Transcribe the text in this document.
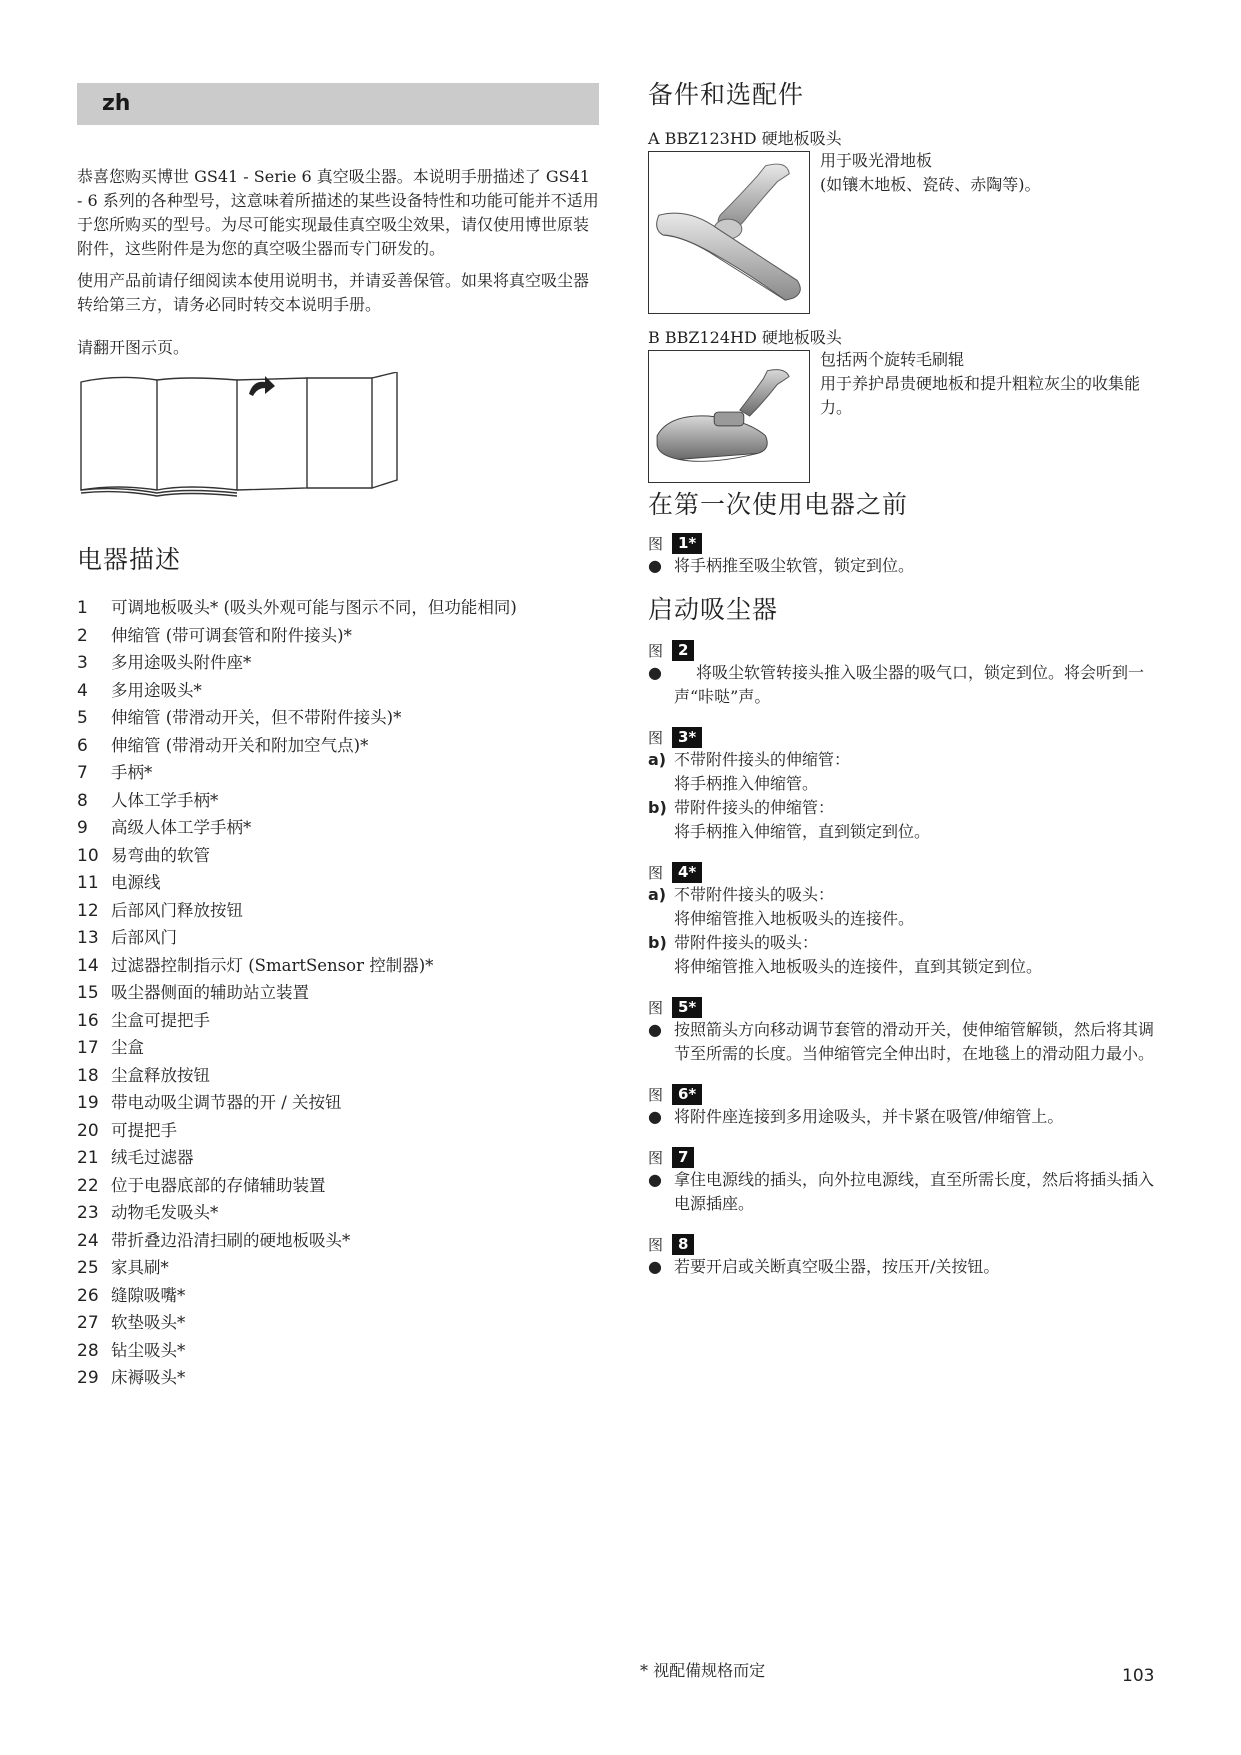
zh

恭喜您购买博世 GS41 - Serie 6 真空吸尘器。本说明手册描述了 GS41 - 6 系列的各种型号，这意味着所描述的某些设备特性和功能可能并不适用于您所购买的型号。为尽可能实现最佳真空吸尘效果，请仅使用博世原装附件，这些附件是为您的真空吸尘器而专门研发的。

使用产品前请仔细阅读本使用说明书，并请妥善保管。如果将真空吸尘器转给第三方，请务必同时转交本说明手册。

请翻开图示页。
电器描述
1 可调地板吸头* (吸头外观可能与图示不同，但功能相同)
2 伸缩管 (带可调套管和附件接头)*
3 多用途吸头附件座*
4 多用途吸头*
5 伸缩管 (带滑动开关，但不带附件接头)*
6 伸缩管 (带滑动开关和附加空气点)*
7 手柄*
8 人体工学手柄*
9 高级人体工学手柄*
10 易弯曲的软管
11 电源线
12 后部风门释放按钮
13 后部风门
14 过滤器控制指示灯 (SmartSensor 控制器)*
15 吸尘器侧面的辅助站立装置
16 尘盒可提把手
17 尘盒
18 尘盒释放按钮
19 带电动吸尘调节器的开 / 关按钮
20 可提把手
21 绒毛过滤器
22 位于电器底部的存储辅助装置
23 动物毛发吸头*
24 带折叠边沿清扫刷的硬地板吸头*
25 家具刷*
26 缝隙吸嘴*
27 软垫吸头*
28 钻尘吸头*
29 床褥吸头*
备件和选配件
A BBZ123HD 硬地板吸头
用于吸光滑地板
(如镶木地板、瓷砖、赤陶等)。
B BBZ124HD 硬地板吸头
包括两个旋转毛刷辊
用于养护昂贵硬地板和提升粗粒灰尘的收集能力。
在第一次使用电器之前
图 1*
● 将手柄推至吸尘软管，锁定到位。
启动吸尘器
图 2
●	将吸尘软管转接头推入吸尘器的吸气口，锁定到位。将会听到一声“咔哒”声。
图 3*
a) 不带附件接头的伸缩管：
将手柄推入伸缩管。
b) 带附件接头的伸缩管：
将手柄推入伸缩管，直到锁定到位。
图 4*
a) 不带附件接头的吸头：
将伸缩管推入地板吸头的连接件。
b) 带附件接头的吸头：
将伸缩管推入地板吸头的连接件，直到其锁定到位。
图 5*
● 按照箭头方向移动调节套管的滑动开关，使伸缩管解锁，然后将其调节至所需的长度。当伸缩管完全伸出时，在地毯上的滑动阻力最小。
图 6*
● 将附件座连接到多用途吸头，并卡紧在吸管/伸缩管上。
图 7
● 拿住电源线的插头，向外拉电源线，直至所需长度，然后将插头插入电源插座。
图 8
● 若要开启或关断真空吸尘器，按压开/关按钮。
* 视配備规格而定	103
